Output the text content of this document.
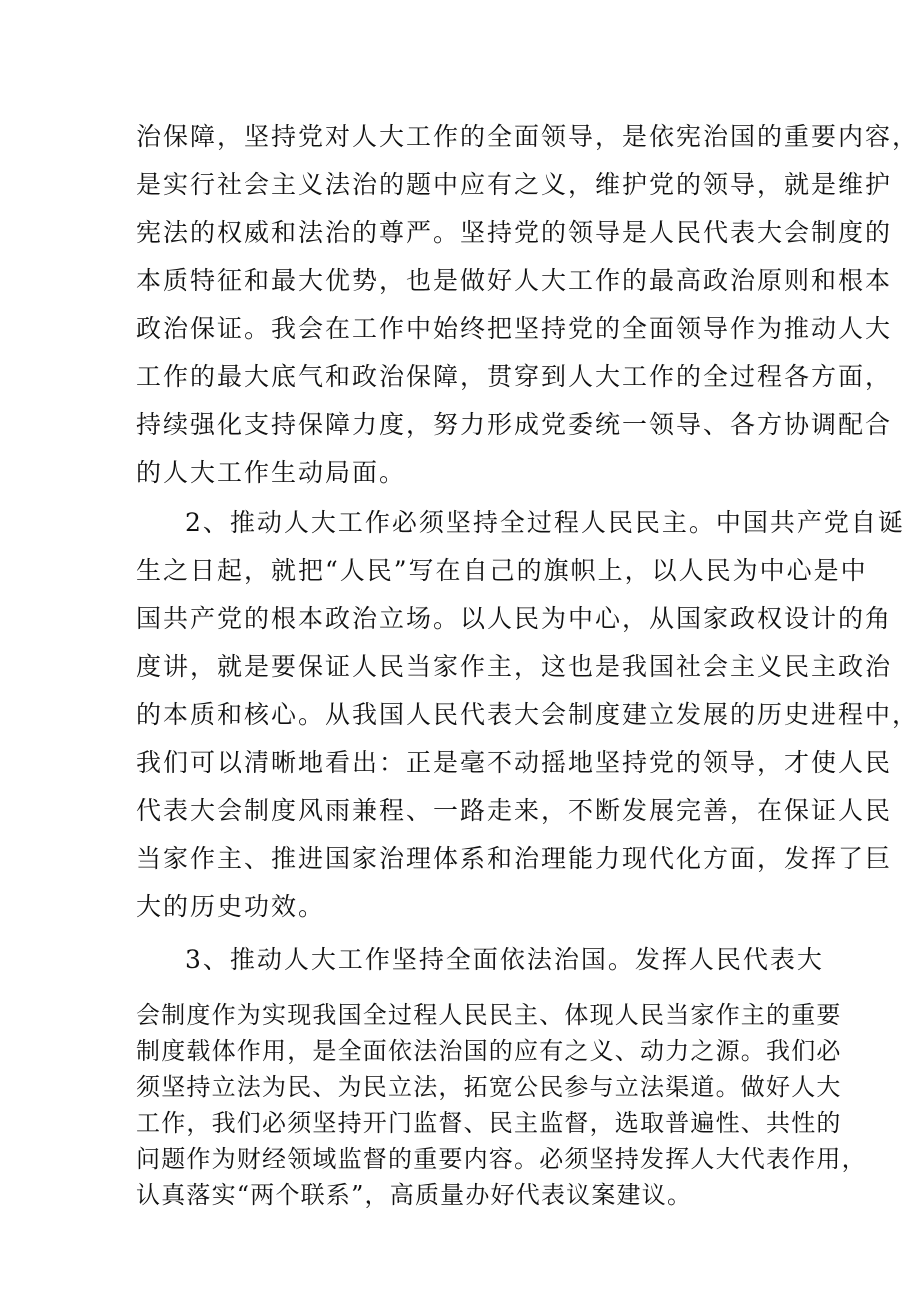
治保障，坚持党对人大工作的全面领导，是依宪治国的重要内容，
是实行社会主义法治的题中应有之义，维护党的领导，就是维护
宪法的权威和法治的尊严。坚持党的领导是人民代表大会制度的
本质特征和最大优势，也是做好人大工作的最高政治原则和根本
政治保证。我会在工作中始终把坚持党的全面领导作为推动人大
工作的最大底气和政治保障，贯穿到人大工作的全过程各方面，
持续强化支持保障力度，努力形成党委统一领导、各方协调配合
的人大工作生动局面。
2、推动人大工作必须坚持全过程人民民主。中国共产党自诞
生之日起，就把“人民”写在自己的旗帜上，以人民为中心是中
国共产党的根本政治立场。以人民为中心，从国家政权设计的角
度讲，就是要保证人民当家作主，这也是我国社会主义民主政治
的本质和核心。从我国人民代表大会制度建立发展的历史进程中，
我们可以清晰地看出：正是毫不动摇地坚持党的领导，才使人民
代表大会制度风雨兼程、一路走来，不断发展完善，在保证人民
当家作主、推进国家治理体系和治理能力现代化方面，发挥了巨
大的历史功效。
3、推动人大工作坚持全面依法治国。发挥人民代表大
会制度作为实现我国全过程人民民主、体现人民当家作主的重要
制度载体作用，是全面依法治国的应有之义、动力之源。我们必
须坚持立法为民、为民立法，拓宽公民参与立法渠道。做好人大
工作，我们必须坚持开门监督、民主监督，选取普遍性、共性的
问题作为财经领域监督的重要内容。必须坚持发挥人大代表作用，
认真落实“两个联系”，高质量办好代表议案建议。
